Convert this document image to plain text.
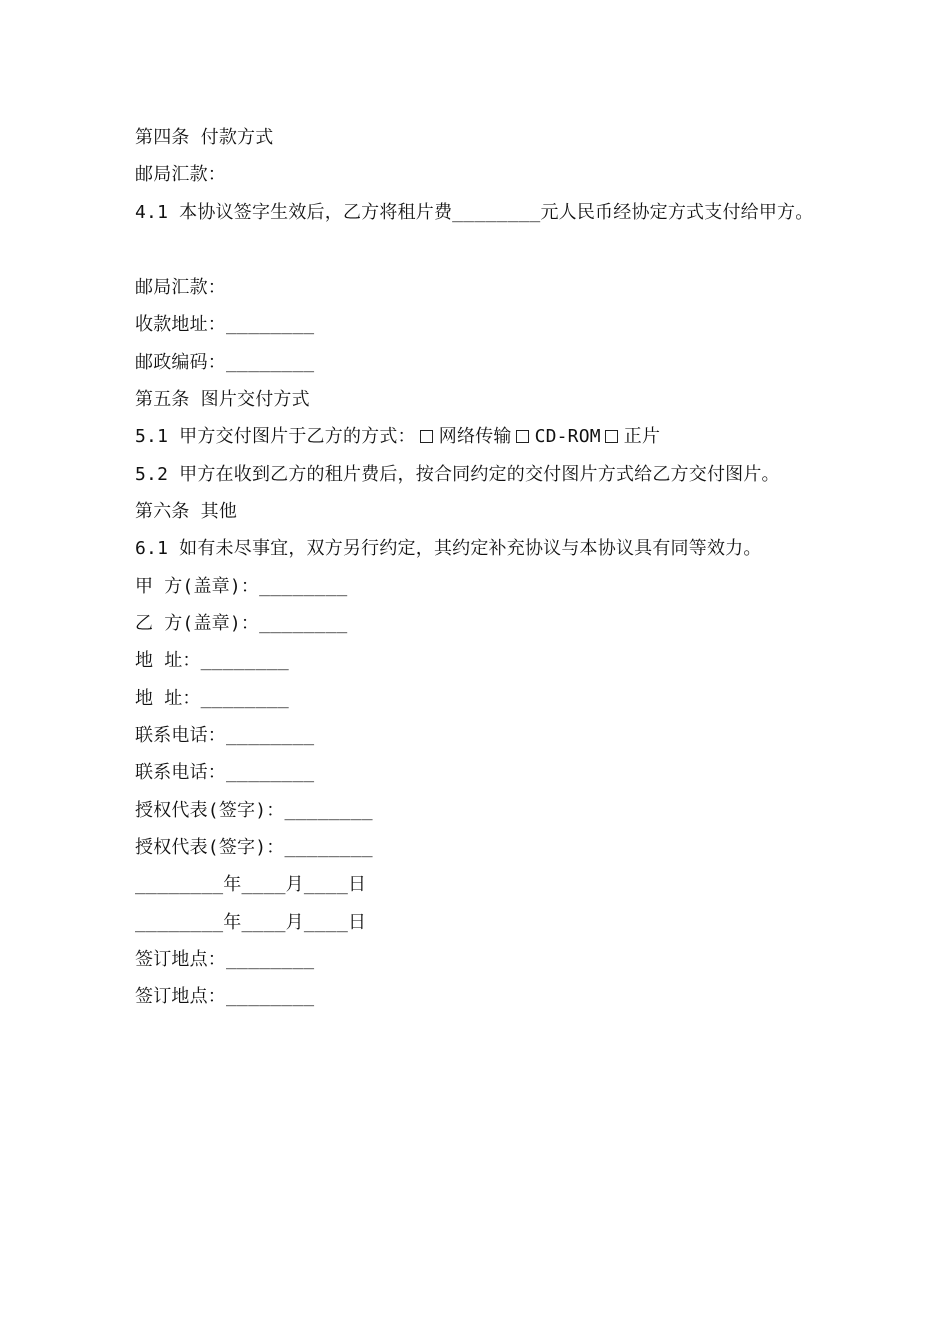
第四条 付款方式
邮局汇款：
4.1 本协议签字生效后，乙方将租片费________元人民币经协定方式支付给甲方。
邮局汇款：
收款地址：________
邮政编码：________
第五条 图片交付方式
5.1 甲方交付图片于乙方的方式： 网络传输 CD-ROM 正片
5.2 甲方在收到乙方的租片费后，按合同约定的交付图片方式给乙方交付图片。
第六条 其他
6.1 如有未尽事宜，双方另行约定，其约定补充协议与本协议具有同等效力。
甲 方(盖章)：________
乙 方(盖章)：________
地 址：________
地 址：________
联系电话：________
联系电话：________
授权代表(签字)：________
授权代表(签字)：________
________年____月____日
________年____月____日
签订地点：________
签订地点：________
